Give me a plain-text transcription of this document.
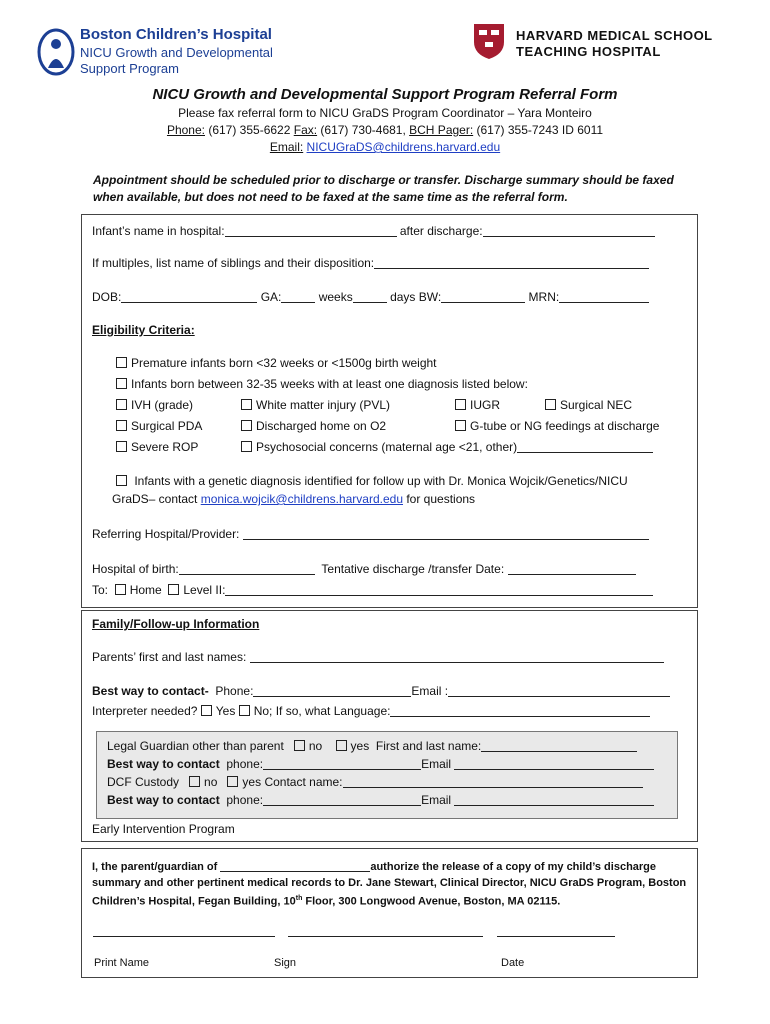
Boston Children’s Hospital
NICU Growth and Developmental
Support Program
HARVARD MEDICAL SCHOOL
TEACHING HOSPITAL
NICU Growth and Developmental Support Program Referral Form
Please fax referral form to NICU GraDS Program Coordinator – Yara Monteiro
Phone: (617) 355-6622 Fax: (617) 730-4681, BCH Pager: (617) 355-7243 ID 6011
Email: NICUGraDS@childrens.harvard.edu
Appointment should be scheduled prior to discharge or transfer. Discharge summary should be faxed
when available, but does not need to be faxed at the same time as the referral form.
Infant’s name in hospital:	after discharge:
If multiples, list name of siblings and their disposition:
DOB:	GA:	weeks	days BW:	MRN:
Eligibility Criteria:
Premature infants born <32 weeks or <1500g birth weight
Infants born between 32-35 weeks with at least one diagnosis listed below:
IVH (grade)	White matter injury (PVL)	IUGR	Surgical NEC
Surgical PDA	Discharged home on O2	G-tube or NG feedings at discharge
Severe ROP	Psychosocial concerns (maternal age <21, other)
Infants with a genetic diagnosis identified for follow up with Dr. Monica Wojcik/Genetics/NICU
GraDS– contact monica.wojcik@childrens.harvard.edu for questions
Referring Hospital/Provider:
Hospital of birth:	Tentative discharge /transfer Date:
To: Home Level II:
Family/Follow-up Information
Parents’ first and last names:
Best way to contact- Phone:	Email :
Interpreter needed? Yes No; If so, what Language:
Legal Guardian other than parent no yes First and last name:
Best way to contact phone:	Email
DCF Custody no yes Contact name:
Best way to contact phone:	Email
Early Intervention Program
I, the parent/guardian of	authorize the release of a copy of my child’s discharge
summary and other pertinent medical records to Dr. Jane Stewart, Clinical Director, NICU GraDS Program, Boston
Children’s Hospital, Fegan Building, 10th Floor, 300 Longwood Avenue, Boston, MA 02115.
Print Name	Sign	Date
